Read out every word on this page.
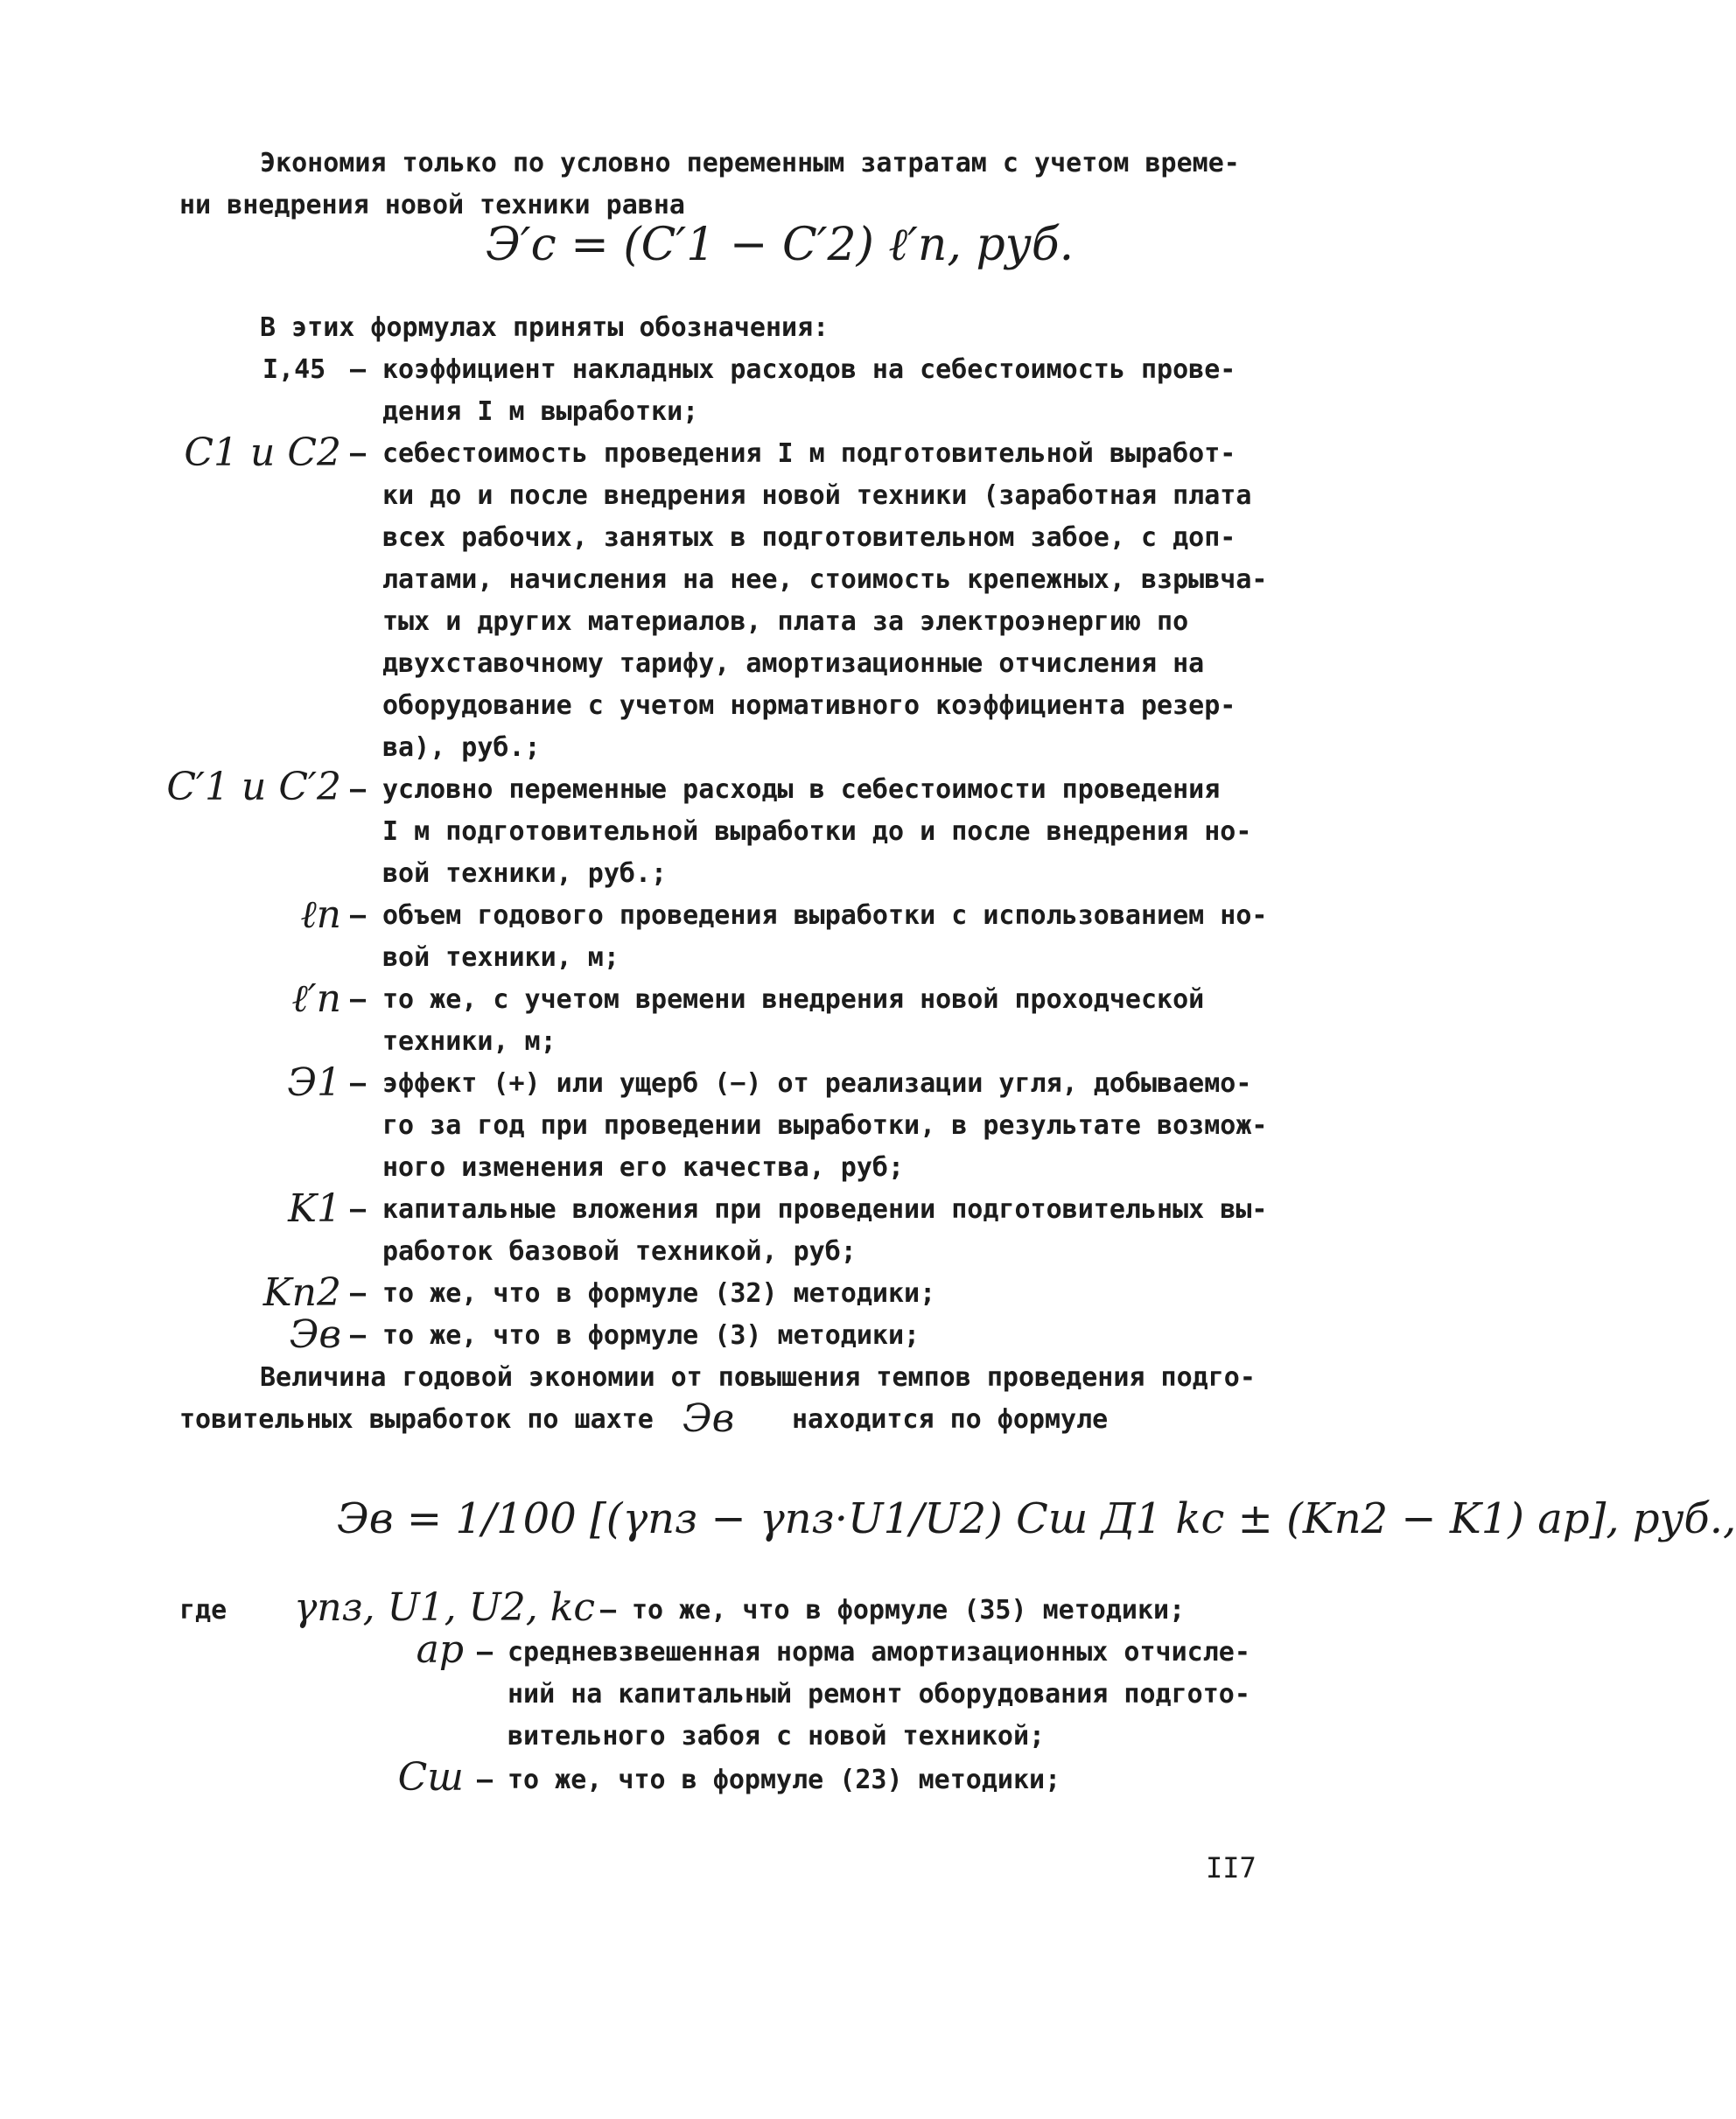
Экономия только по условно переменным затратам с учетом време-
ни внедрения новой техники равна
Э′c = (C′1 − C′2) ℓ′n, руб.
В этих формулах приняты обозначения:
I,45 – коэффициент накладных расходов на себестоимость прове-
дения I м выработки;
C1 и C2 – себестоимость проведения I м подготовительной выработ-
ки до и после внедрения новой техники (заработная плата
всех рабочих, занятых в подготовительном забое, с доп-
латами, начисления на нее, стоимость крепежных, взрывча-
тых и других материалов, плата за электроэнергию по
двухставочному тарифу, амортизационные отчисления на
оборудование с учетом нормативного коэффициента резер-
ва), руб.;
C′1 и C′2 – условно переменные расходы в себестоимости проведения
I м подготовительной выработки до и после внедрения но-
вой техники, руб.;
ℓn – объем годового проведения выработки с использованием но-
вой техники, м;
ℓ′n – то же, с учетом времени внедрения новой проходческой
техники, м;
Э1 – эффект (+) или ущерб (−) от реализации угля, добываемо-
го за год при проведении выработки, в результате возмож-
ного изменения его качества, руб;
K1 – капитальные вложения при проведении подготовительных вы-
работок базовой техникой, руб;
Kn2 – то же, что в формуле (32) методики;
Эв – то же, что в формуле (3) методики;
Величина годовой экономии от повышения темпов проведения подго-
товительных выработок по шахте Эв	находится по формуле
Эв = 1/100 [(γnз − γnз·U1/U2) Cш Д1 kc ± (Kn2 − K1) ap], руб.,
где	γnз, U1, U2, kc – то же, что в формуле (35) методики;
ap – средневзвешенная норма амортизационных отчисле-
ний на капитальный ремонт оборудования подгото-
вительного забоя с новой техникой;
Cш – то же, что в формуле (23) методики;
II7
